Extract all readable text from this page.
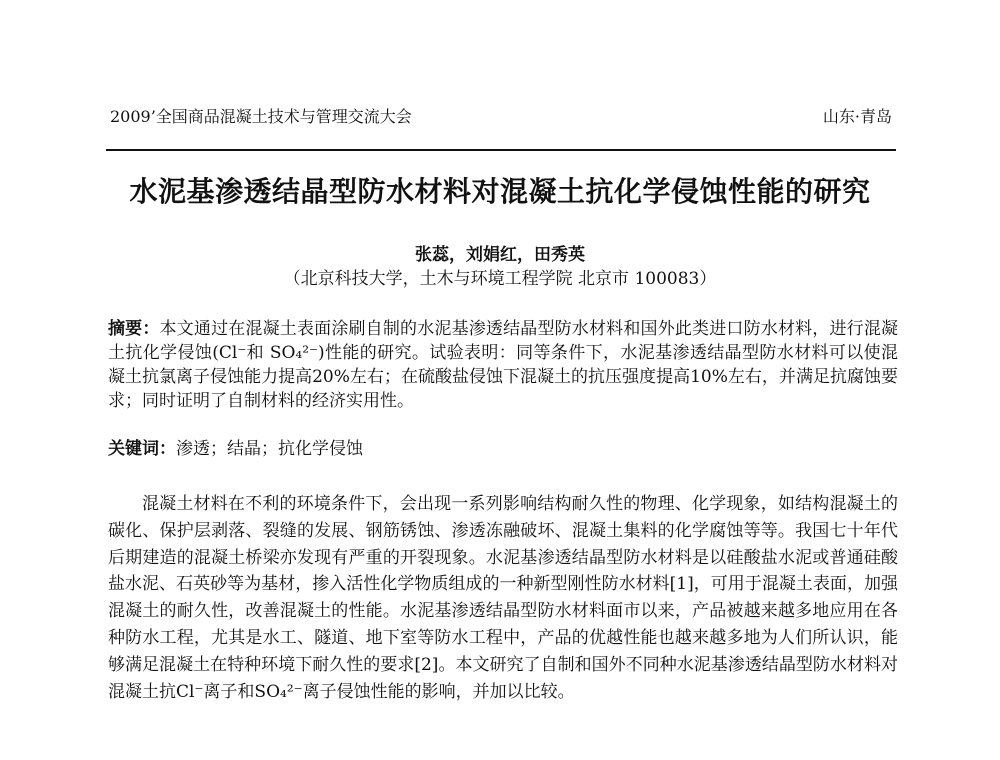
2009’全国商品混凝土技术与管理交流大会	山东·青岛
水泥基渗透结晶型防水材料对混凝土抗化学侵蚀性能的研究
张蕊，刘娟红，田秀英
（北京科技大学，土木与环境工程学院 北京市 100083）
摘要：本文通过在混凝土表面涂刷自制的水泥基渗透结晶型防水材料和国外此类进口防水材料，进行混凝土抗化学侵蚀(Cl⁻和 SO₄²⁻)性能的研究。试验表明：同等条件下，水泥基渗透结晶型防水材料可以使混凝土抗氯离子侵蚀能力提高20%左右；在硫酸盐侵蚀下混凝土的抗压强度提高10%左右，并满足抗腐蚀要求；同时证明了自制材料的经济实用性。
关键词：渗透；结晶；抗化学侵蚀
混凝土材料在不利的环境条件下，会出现一系列影响结构耐久性的物理、化学现象，如结构混凝土的碳化、保护层剥落、裂缝的发展、钢筋锈蚀、渗透冻融破坏、混凝土集料的化学腐蚀等等。我国七十年代后期建造的混凝土桥梁亦发现有严重的开裂现象。水泥基渗透结晶型防水材料是以硅酸盐水泥或普通硅酸盐水泥、石英砂等为基材，掺入活性化学物质组成的一种新型刚性防水材料[1]，可用于混凝土表面，加强混凝土的耐久性，改善混凝土的性能。水泥基渗透结晶型防水材料面市以来，产品被越来越多地应用在各种防水工程，尤其是水工、隧道、地下室等防水工程中，产品的优越性能也越来越多地为人们所认识，能够满足混凝土在特种环境下耐久性的要求[2]。本文研究了自制和国外不同种水泥基渗透结晶型防水材料对混凝土抗Cl⁻离子和SO₄²⁻离子侵蚀性能的影响，并加以比较。
